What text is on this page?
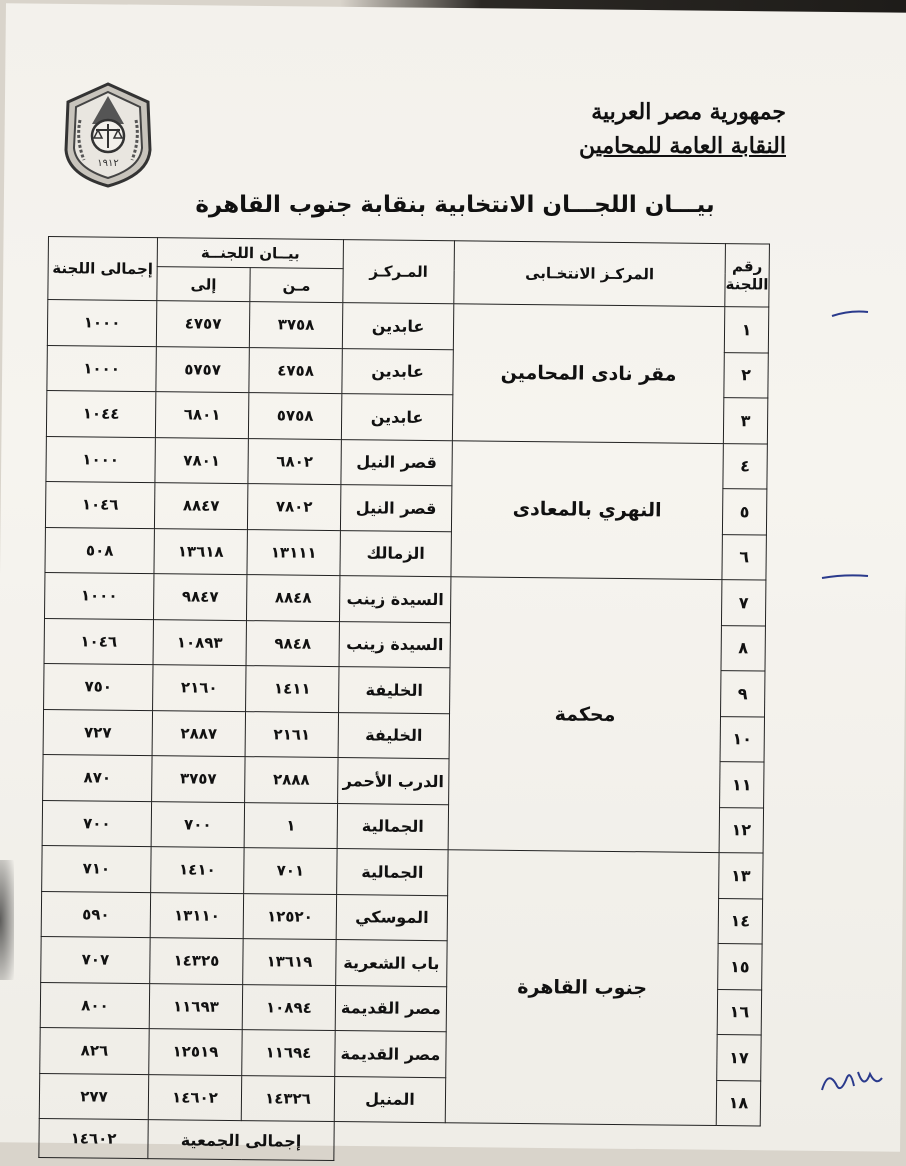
١٩١٢
جمهورية مصر العربية
النقابة العامة للمحامين
بيـــان اللجـــان الانتخابية بنقابة جنوب القاهرة
رقم اللجنة	المركـز الانتخـابى	المـركـز	بيــان اللجنــة		إجمالى اللجنة
			مـن	إلى	
١	مقر نادى المحامين	عابدين	٣٧٥٨	٤٧٥٧	١٠٠٠
٢		عابدين	٤٧٥٨	٥٧٥٧	١٠٠٠
٣		عابدين	٥٧٥٨	٦٨٠١	١٠٤٤
٤	النهري بالمعادى	قصر النيل	٦٨٠٢	٧٨٠١	١٠٠٠
٥		قصر النيل	٧٨٠٢	٨٨٤٧	١٠٤٦
٦		الزمالك	١٣١١١	١٣٦١٨	٥٠٨
٧	محكمة	السيدة زينب	٨٨٤٨	٩٨٤٧	١٠٠٠
٨		السيدة زينب	٩٨٤٨	١٠٨٩٣	١٠٤٦
٩		الخليفة	١٤١١	٢١٦٠	٧٥٠
١٠		الخليفة	٢١٦١	٢٨٨٧	٧٢٧
١١		الدرب الأحمر	٢٨٨٨	٣٧٥٧	٨٧٠
١٢		الجمالية	١	٧٠٠	٧٠٠
١٣	جنوب القاهرة	الجمالية	٧٠١	١٤١٠	٧١٠
١٤		الموسكي	١٢٥٢٠	١٣١١٠	٥٩٠
١٥		باب الشعرية	١٣٦١٩	١٤٣٢٥	٧٠٧
١٦		مصر القديمة	١٠٨٩٤	١١٦٩٣	٨٠٠
١٧		مصر القديمة	١١٦٩٤	١٢٥١٩	٨٢٦
١٨		المنيل	١٤٣٢٦	١٤٦٠٢	٢٧٧
			إجمالى الجمعية		١٤٦٠٢
